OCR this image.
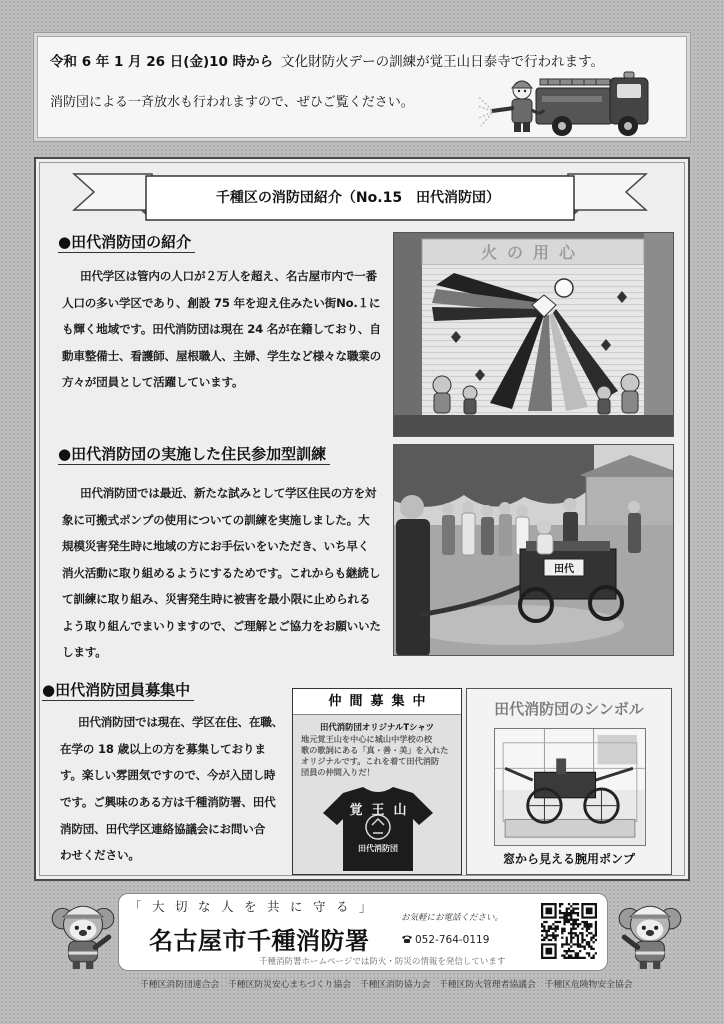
令和 6 年 1 月 26 日(金)10 時から 文化財防火デーの訓練が覚王山日泰寺で行われます。
消防団による一斉放水も行われますので、ぜひご覧ください。
千種区の消防団紹介（No.15　田代消防団）
●田代消防団の紹介
田代学区は管内の人口が２万人を超え、名古屋市内で一番
人口の多い学区であり、創設 75 年を迎え住みたい街No.１に
も輝く地域です。田代消防団は現在 24 名が在籍しており、自
動車整備士、看護師、屋根職人、主婦、学生など様々な職業の
方々が団員として活躍しています。
火の用心
●田代消防団の実施した住民参加型訓練
田代消防団では最近、新たな試みとして学区住民の方を対
象に可搬式ポンプの使用についての訓練を実施しました。大
規模災害発生時に地域の方にお手伝いをいただき、いち早く
消火活動に取り組めるようにするためです。これからも継続し
て訓練に取り組み、災害発生時に被害を最小限に止められる
よう取り組んでまいりますので、ご理解とご協力をお願いいた
します。
田代
●田代消防団員募集中
田代消防団では現在、学区在住、在職、
在学の 18 歳以上の方を募集しておりま
す。楽しい雰囲気ですので、今が入団し時
です。ご興味のある方は千種消防署、田代
消防団、田代学区連絡協議会にお問い合
わせください。
仲間募集中
田代消防団オリジナルTシャツ
地元覚王山を中心に城山中学校の校
歌の歌詞にある「真・善・美」を入れた
オリジナルです。これを着て田代消防
団員の仲間入りだ！
覚王山
田代消防団
田代消防団のシンボル
窓から見える腕用ポンプ
「大切な人を共に守る」
名古屋市千種消防署
お気軽にお電話ください。
052-764-0119
千種消防署ホームページでは防火・防災の情報を発信しています
千種区消防団連合会　千種区防災安心まちづくり協会　千種区消防協力会　千種区防火管理者協議会　千種区危険物安全協会
